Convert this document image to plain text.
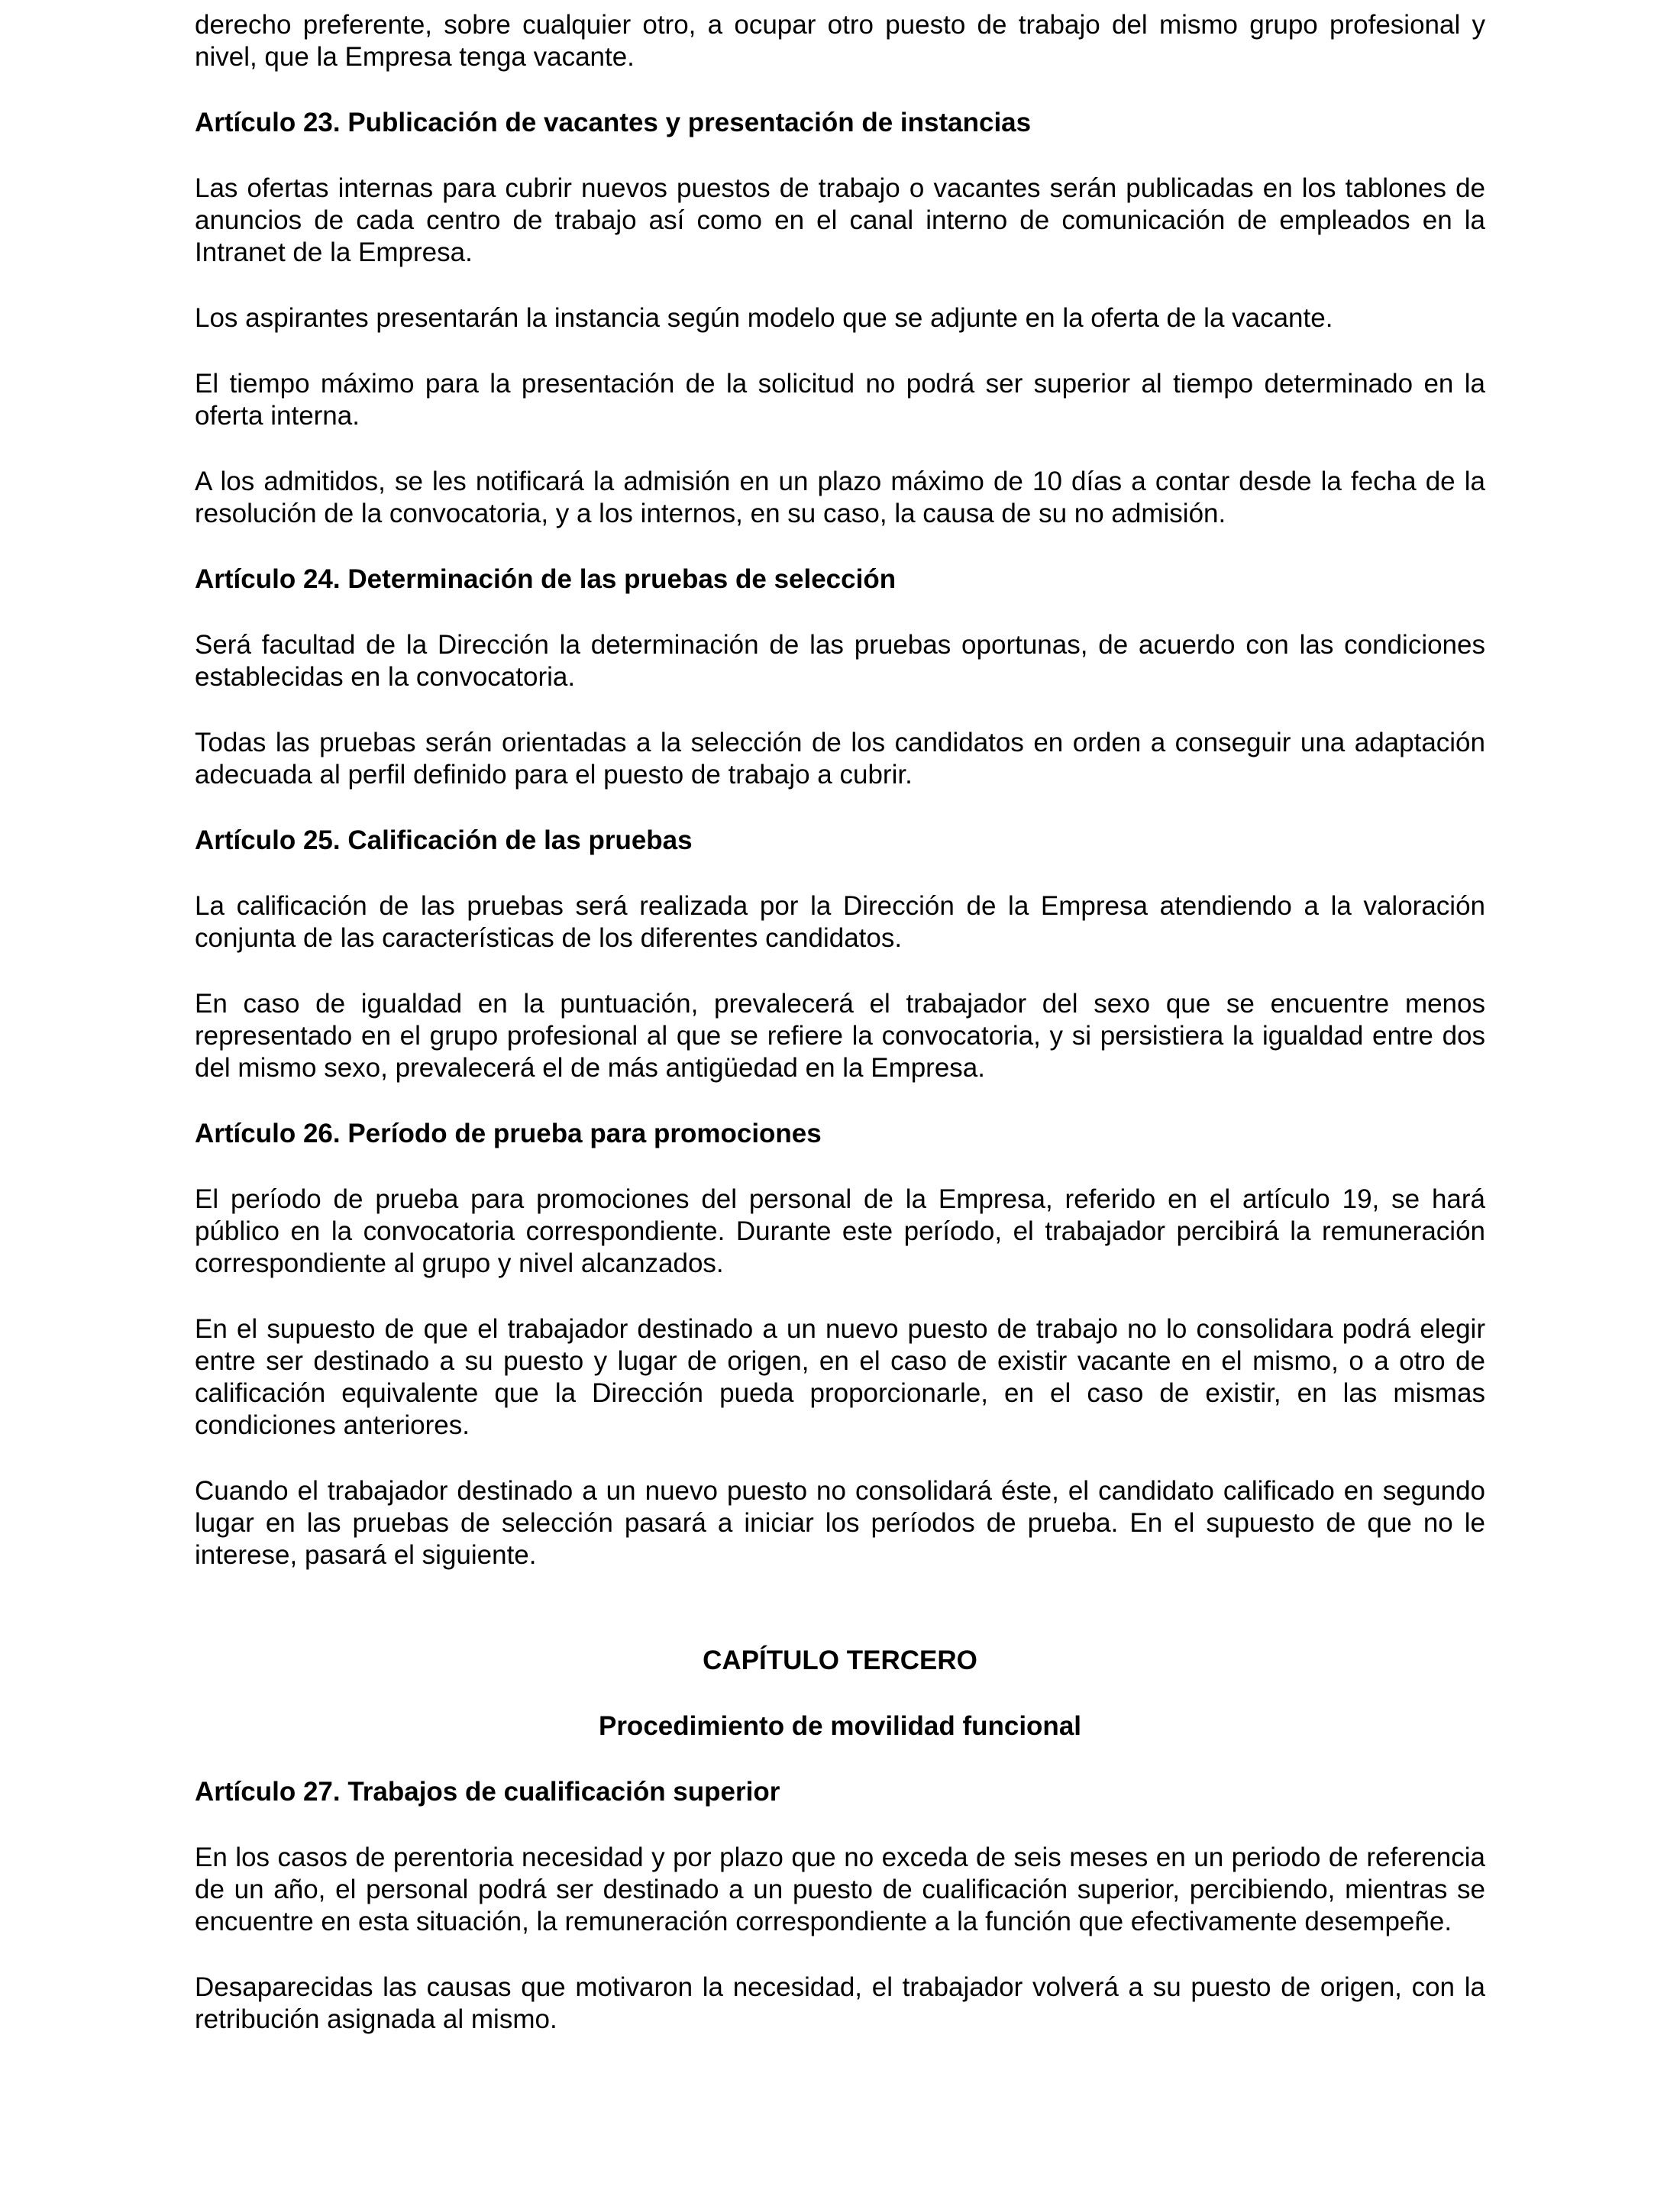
derecho preferente, sobre cualquier otro, a ocupar otro puesto de trabajo del mismo grupo profesional y nivel, que la Empresa tenga vacante.

Artículo 23. Publicación de vacantes y presentación de instancias

Las ofertas internas para cubrir nuevos puestos de trabajo o vacantes serán publicadas en los tablones de anuncios de cada centro de trabajo así como en el canal interno de comunicación de empleados en la Intranet de la Empresa.

Los aspirantes presentarán la instancia según modelo que se adjunte en la oferta de la vacante.

El tiempo máximo para la presentación de la solicitud no podrá ser superior al tiempo determinado en la oferta interna.

A los admitidos, se les notificará la admisión en un plazo máximo de 10 días a contar desde la fecha de la resolución de la convocatoria, y a los internos, en su caso, la causa de su no admisión.

Artículo 24. Determinación de las pruebas de selección

Será facultad de la Dirección la determinación de las pruebas oportunas, de acuerdo con las condiciones establecidas en la convocatoria.

Todas las pruebas serán orientadas a la selección de los candidatos en orden a conseguir una adaptación adecuada al perfil definido para el puesto de trabajo a cubrir.

Artículo 25. Calificación de las pruebas

La calificación de las pruebas será realizada por la Dirección de la Empresa atendiendo a la valoración conjunta de las características de los diferentes candidatos.

En caso de igualdad en la puntuación, prevalecerá el trabajador del sexo que se encuentre menos representado en el grupo profesional al que se refiere la convocatoria, y si persistiera la igualdad entre dos del mismo sexo, prevalecerá el de más antigüedad en la Empresa.

Artículo 26. Período de prueba para promociones

El período de prueba para promociones del personal de la Empresa, referido en el artículo 19, se hará público en la convocatoria correspondiente. Durante este período, el trabajador percibirá la remuneración correspondiente al grupo y nivel alcanzados.

En el supuesto de que el trabajador destinado a un nuevo puesto de trabajo no lo consolidara podrá elegir entre ser destinado a su puesto y lugar de origen, en el caso de existir vacante en el mismo, o a otro de calificación equivalente que la Dirección pueda proporcionarle, en el caso de existir, en las mismas condiciones anteriores.

Cuando el trabajador destinado a un nuevo puesto no consolidará éste, el candidato calificado en segundo lugar en las pruebas de selección pasará a iniciar los períodos de prueba. En el supuesto de que no le interese, pasará el siguiente.

CAPÍTULO TERCERO

Procedimiento de movilidad funcional

Artículo 27. Trabajos de cualificación superior

En los casos de perentoria necesidad y por plazo que no exceda de seis meses en un periodo de referencia de un año, el personal podrá ser destinado a un puesto de cualificación superior, percibiendo, mientras se encuentre en esta situación, la remuneración correspondiente a la función que efectivamente desempeñe.

Desaparecidas las causas que motivaron la necesidad, el trabajador volverá a su puesto de origen, con la retribución asignada al mismo.
